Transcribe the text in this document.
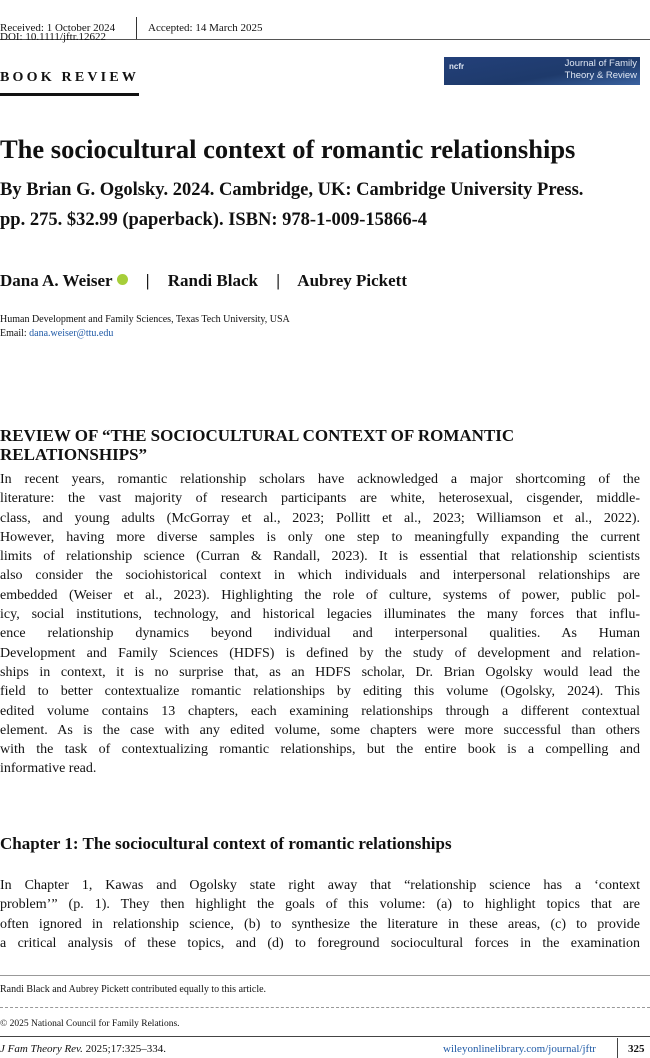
Received: 1 October 2024	Accepted: 14 March 2025
DOI: 10.1111/jftr.12622
BOOK REVIEW
ncfr	Journal of Family
Theory & Review
The sociocultural context of romantic relationships
By Brian G. Ogolsky. 2024. Cambridge, UK: Cambridge University Press.
pp. 275. $32.99 (paperback). ISBN: 978-1-009-15866-4
Dana A. Weiser | Randi Black | Aubrey Pickett
Human Development and Family Sciences, Texas Tech University, USA
Email: dana.weiser@ttu.edu
REVIEW OF “THE SOCIOCULTURAL CONTEXT OF ROMANTIC
RELATIONSHIPS”
In recent years, romantic relationship scholars have acknowledged a major shortcoming of the
literature: the vast majority of research participants are white, heterosexual, cisgender, middle-
class, and young adults (McGorray et al., 2023; Pollitt et al., 2023; Williamson et al., 2022).
However, having more diverse samples is only one step to meaningfully expanding the current
limits of relationship science (Curran & Randall, 2023). It is essential that relationship scientists
also consider the sociohistorical context in which individuals and interpersonal relationships are
embedded (Weiser et al., 2023). Highlighting the role of culture, systems of power, public pol-
icy, social institutions, technology, and historical legacies illuminates the many forces that influ-
ence relationship dynamics beyond individual and interpersonal qualities. As Human
Development and Family Sciences (HDFS) is defined by the study of development and relation-
ships in context, it is no surprise that, as an HDFS scholar, Dr. Brian Ogolsky would lead the
field to better contextualize romantic relationships by editing this volume (Ogolsky, 2024). This
edited volume contains 13 chapters, each examining relationships through a different contextual
element. As is the case with any edited volume, some chapters were more successful than others
with the task of contextualizing romantic relationships, but the entire book is a compelling and
informative read.
Chapter 1: The sociocultural context of romantic relationships
In Chapter 1, Kawas and Ogolsky state right away that “relationship science has a ‘context
problem’” (p. 1). They then highlight the goals of this volume: (a) to highlight topics that are
often ignored in relationship science, (b) to synthesize the literature in these areas, (c) to provide
a critical analysis of these topics, and (d) to foreground sociocultural forces in the examination
Randi Black and Aubrey Pickett contributed equally to this article.
© 2025 National Council for Family Relations.
J Fam Theory Rev. 2025;17:325–334.	wileyonlinelibrary.com/journal/jftr	325
